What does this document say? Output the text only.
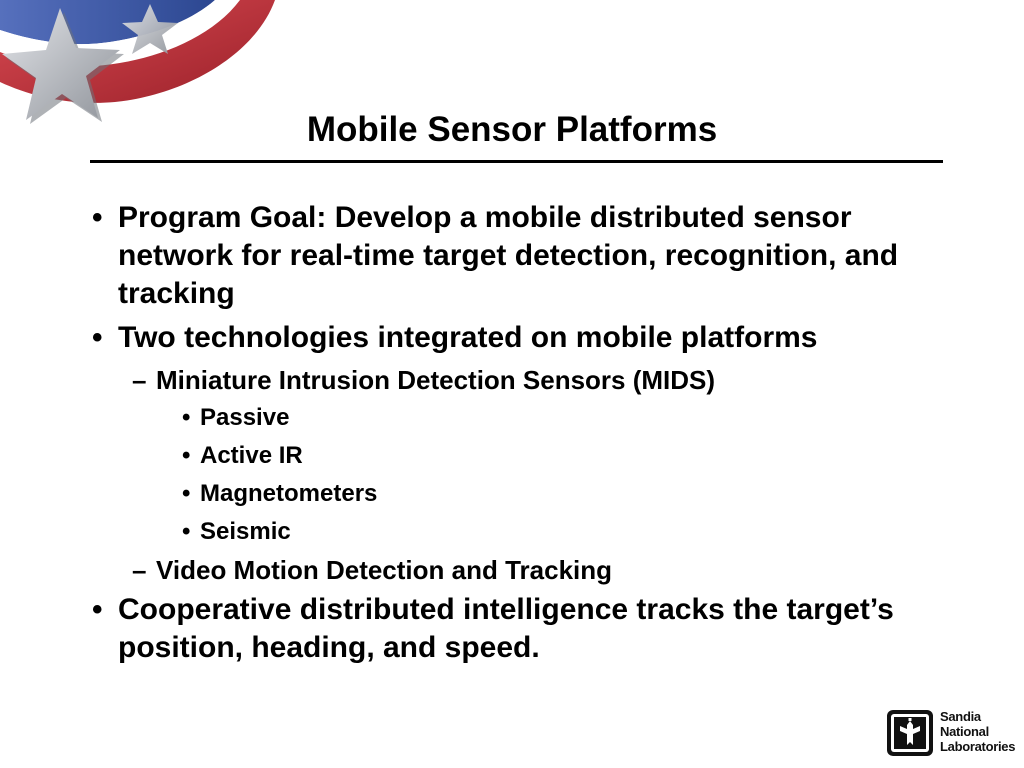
Mobile Sensor Platforms
• Program Goal: Develop a mobile distributed sensor network for real-time target detection, recognition, and tracking
• Two technologies integrated on mobile platforms
– Miniature Intrusion Detection Sensors (MIDS)
• Passive
• Active IR
• Magnetometers
• Seismic
– Video Motion Detection and Tracking
• Cooperative distributed intelligence tracks the target’s position, heading, and speed.
Sandia
National
Laboratories
